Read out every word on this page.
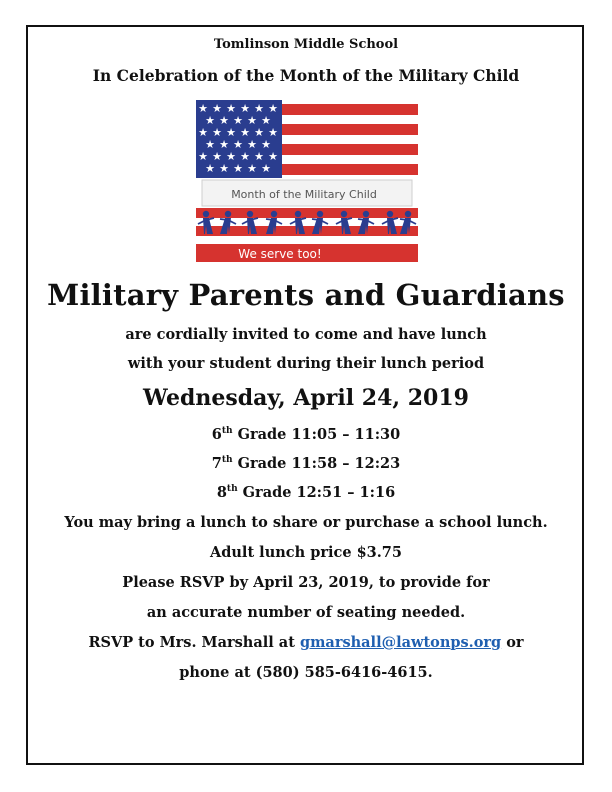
Tomlinson Middle School
In Celebration of the Month of the Military Child
★ ★ ★ ★ ★ ★
★ ★ ★ ★ ★
★ ★ ★ ★ ★ ★
★ ★ ★ ★ ★
★ ★ ★ ★ ★ ★
★ ★ ★ ★ ★
Month of the Military Child
We serve too!
Military Parents and Guardians
are cordially invited to come and have lunch
with your student during their lunch period
Wednesday, April 24, 2019
6th Grade 11:05 – 11:30
7th Grade 11:58 – 12:23
8th Grade 12:51 – 1:16
You may bring a lunch to share or purchase a school lunch.
Adult lunch price $3.75
Please RSVP by April 23, 2019, to provide for
an accurate number of seating needed.
RSVP to Mrs. Marshall at gmarshall@lawtonps.org or
phone at (580) 585-6416-4615.
